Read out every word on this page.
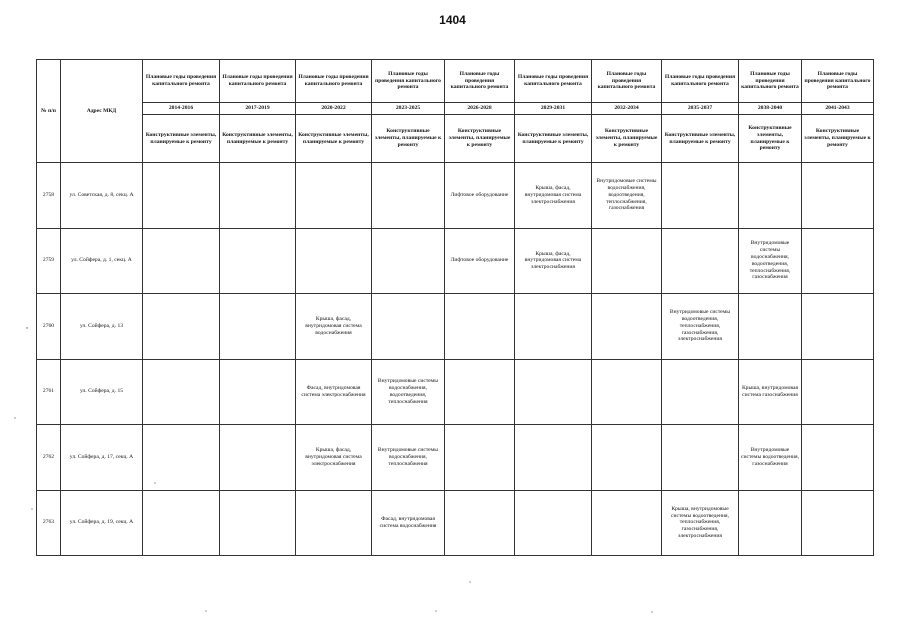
1404
№ п/п	Адрес МКД	Плановые годы проведения капитального ремонта	Плановые годы проведения капитального ремонта	Плановые годы проведения капитального ремонта	Плановые годы проведения капитального ремонта	Плановые годы проведения капитального ремонта	Плановые годы проведения капитального ремонта	Плановые годы проведения капитального ремонта	Плановые годы проведения капитального ремонта	Плановые годы проведения капитального ремонта	Плановые годы проведения капитального ремонта
		2014-2016	2017-2019	2020-2022	2023-2025	2026-2028	2029-2031	2032-2034	2035-2037	2038-2040	2041-2043
		Конструктивные элементы, планируемые к ремонту	Конструктивные элементы, планируемые к ремонту	Конструктивные элементы, планируемые к ремонту	Конструктивные элементы, планируемые к ремонту	Конструктивные элементы, планируемые к ремонту	Конструктивные элементы, планируемые к ремонту	Конструктивные элементы, планируемые к ремонту	Конструктивные элементы, планируемые к ремонту	Конструктивные элементы, планируемые к ремонту	Конструктивные элементы, планируемые к ремонту
2758	ул. Советская, д. 8, секц. А					Лифтовое оборудование	Крыша, фасад, внутридомовая система электроснабжения	Внутридомовые системы водоснабжения, водоотведения, теплоснабжения, газоснабжения			
2759	ул. Сойфера, д. 1, секц. А					Лифтовое оборудование	Крыша, фасад, внутридомовая система электроснабжения			Внутридомовые системы водоснабжения, водоотведения, теплоснабжения, газоснабжения	
2760	ул. Сойфера, д. 13			Крыша, фасад, внутридомовая система водоснабжения					Внутридомовые системы водоотведения, теплоснабжения, газоснабжения, электроснабжения		
2761	ул. Сойфера, д. 15			Фасад, внутридомовая система электроснабжения	Внутридомовые системы водоснабжения, водоотведения, теплоснабжения					Крыша, внутридомовая система газоснабжения	
2762	ул. Сойфера, д. 17, секц. А			Крыша, фасад, внутридомовая система электроснабжения	Внутридомовые системы водоснабжения, теплоснабжения					Внутридомовые системы водоотведения, газоснабжения	
2763	ул. Сойфера, д. 19, секц. А				Фасад, внутридомовая система водоснабжения				Крыша, внутридомовые системы водоотведения, теплоснабжения, газоснабжения, электроснабжения		
